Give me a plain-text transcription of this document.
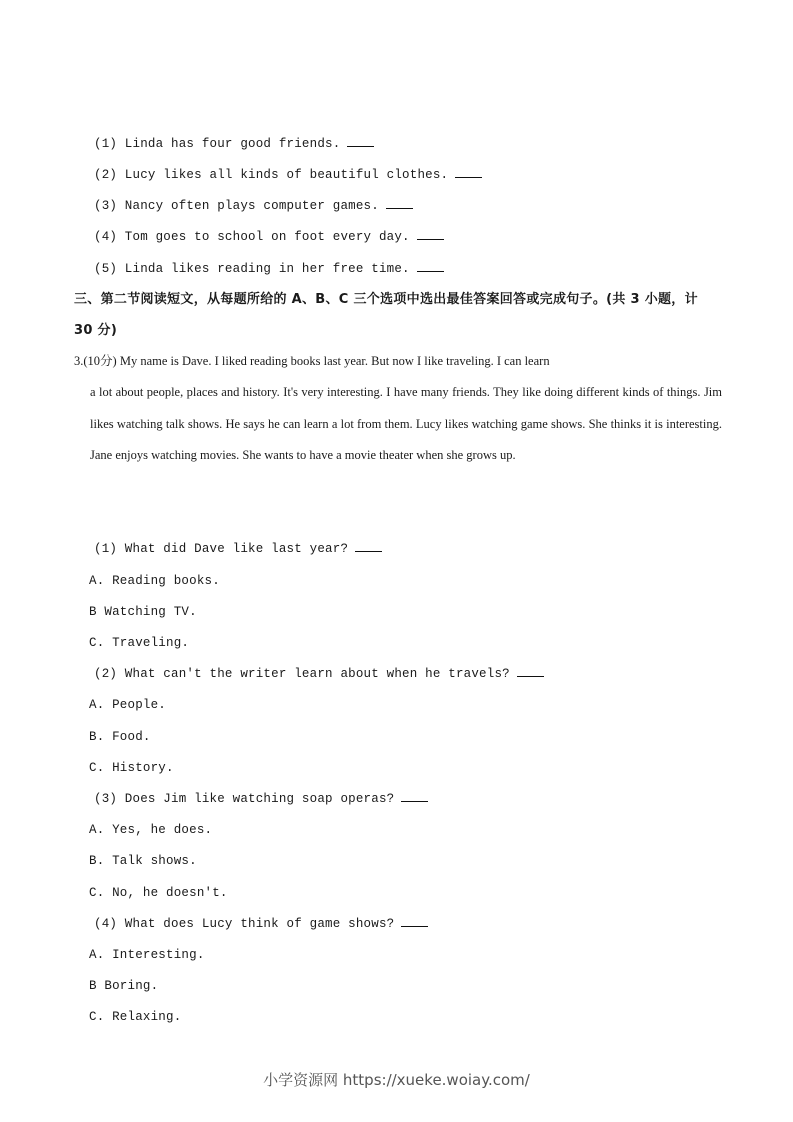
(1) Linda has four good friends.
(2) Lucy likes all kinds of beautiful clothes.
(3) Nancy often plays computer games.
(4) Tom goes to school on foot every day.
(5) Linda likes reading in her free time.
三、第二节阅读短文，从每题所给的 A、B、C 三个选项中选出最佳答案回答或完成句子。(共 3 小题，计
30 分)
3.(10分) My name is Dave. I liked reading books last year. But now I like traveling. I can learn
a lot about people, places and history. It's very interesting. I have many friends. They like doing different kinds of things. Jim likes watching talk shows. He says he can learn a lot from them. Lucy likes watching game shows. She thinks it is interesting. Jane enjoys watching movies. She wants to have a movie theater when she grows up.
(1) What did Dave like last year?
A. Reading books.
B Watching TV.
C. Traveling.
(2) What can't the writer learn about when he travels?
A. People.
B. Food.
C. History.
(3) Does Jim like watching soap operas?
A. Yes, he does.
B. Talk shows.
C. No, he doesn't.
(4) What does Lucy think of game shows?
A. Interesting.
B Boring.
C. Relaxing.
小学资源网 https://xueke.woiay.com/
